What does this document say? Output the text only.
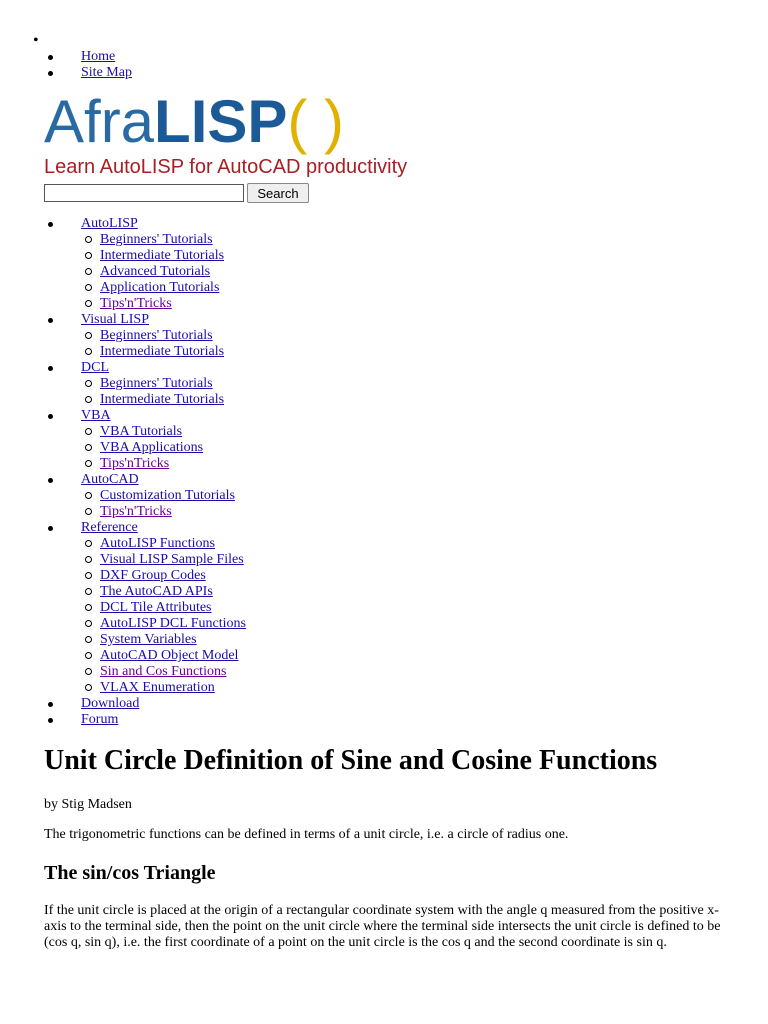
•
Home
Site Map
AfraLISP( )
Learn AutoLISP for AutoCAD productivity
Search
AutoLISP
Beginners' Tutorials
Intermediate Tutorials
Advanced Tutorials
Application Tutorials
Tips'n'Tricks
Visual LISP
Beginners' Tutorials
Intermediate Tutorials
DCL
Beginners' Tutorials
Intermediate Tutorials
VBA
VBA Tutorials
VBA Applications
Tips'nTricks
AutoCAD
Customization Tutorials
Tips'n'Tricks
Reference
AutoLISP Functions
Visual LISP Sample Files
DXF Group Codes
The AutoCAD APIs
DCL Tile Attributes
AutoLISP DCL Functions
System Variables
AutoCAD Object Model
Sin and Cos Functions
VLAX Enumeration
Download
Forum
Unit Circle Definition of Sine and Cosine Functions

by Stig Madsen

The trigonometric functions can be defined in terms of a unit circle, i.e. a circle of radius one.

The sin/cos Triangle

If the unit circle is placed at the origin of a rectangular coordinate system with the angle q measured from the positive x-axis to the terminal side, then the point on the unit circle where the terminal side intersects the unit circle is defined to be (cos q, sin q), i.e. the first coordinate of a point on the unit circle is the cos q and the second coordinate is sin q.
